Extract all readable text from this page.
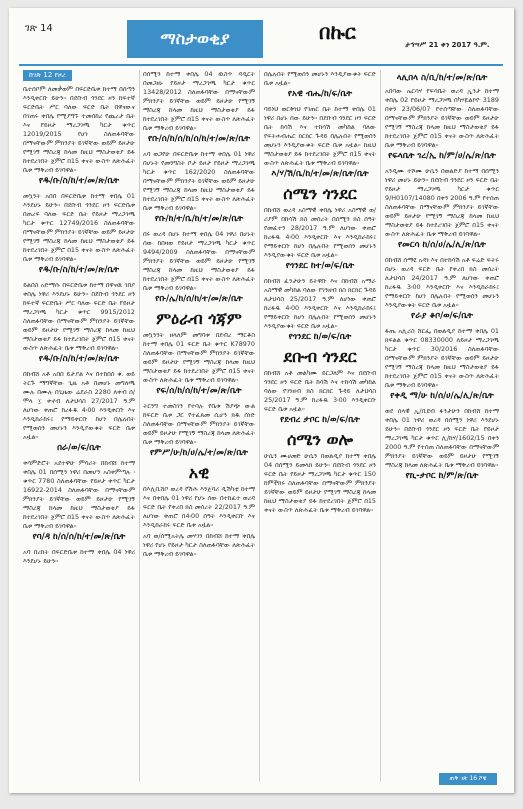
ገጽ 14
ማስታወቂያ	በኩር
ታኅሣሥ 21 ቀን 2017 ዓ.ም.
ከገጽ 12 የዞረ

ቤተሰቦም ለመቃወም በፍርድቤቱ ከተማ በሰጣን እንዲቀርቡ ይሁን፡፡ በደቡብ ጎንደር ዞን ከፍተኛ ፍርድቤት ሥር ባለው ፍርድ ቤት በዋናውና በገጠሩ ቀበሌ የሚያግኙ ተመሰከረ የጨረታ ቤት እና የይዞታ ማረጋገጫ ካርታ ቁጥር 12019/2015 የሆነ ስለጠፋባቸው በማናቸውም ምክንያት ይገኛቸው ወይም ይዞታሁ የሚገኝ ማስረጃ ከላመ ከዚህ ማስታወቂያ ይፋ ከተደረገበት ጀምሮ በ15 ቀናት ውስጥ ለጽሕፈት ቤቱ ማቅረብ ይገባዋል፡፡
የዱ/ቡ/ስ/ከ/ተ/መ/ጽ/ቤት
መኳንት አበበ በፍርድቤቱ ከተማ ቀበሌ 01 እንደሆኑ ይሁን፡፡ በደቡብ ጎንደር ዞን ፍርድቤቱ በጠረፍ ባለው ፍርድ ቤት የይዞታ ማረጋገጫ ካርታ ቁጥር 12749/2016 ስለጠፋባቸው በማናቸውም ምክንያት ይገኛቸው ወይም ይዞታሁ የሚገኝ ማስረጃ ከላመ ከዚህ ማስታወቂያ ይፋ ከተደረገበት ጀምሮ በ15 ቀናት ውስጥ ለጽሕፈት ቤቱ ማቅረብ ይገባዋል፡፡
የዱ/ቡ/ስ/ከ/ተ/መ/ጽ/ቤት
ይልበስ አድማሱ በፍርድቤቱ ከተማ በዋናዉ ገበያ ቀበሌ ነዋሪ እንደሆኑ ይሁን፡፡ በደቡብ ጎንደር ዞን ከፍተኛ ፍርድቤት ሥር ባለው ፍርድ ቤት የይዞታ ማረጋገጫ ካርታ ቁጥር 9915/2012 ስለጠፋባቸው በማናቸውም ምክንያት ይገኛቸው ወይም ይዞታሁ የሚገኝ ማስረጃ ከላመ ከዚህ ማስታወቂያ ይፋ ከተደረገበት ጀምሮ በ15 ቀናት ውስጥ ለጽሕፈት ቤቱ ማቅረብ ይገባዋል፡፡
የዱ/ቡ/ስ/ከ/ተ/መ/ጽ/ቤት
በከብሸ አቶ አበበ ይታያል እና በተከበሰ ቁ. ወይ ትርጉ ማግኛቸው ጊዜ አቶ በመሆኑ መግለጫ ሙሉ በሙሉ በጊዜው ሬደራስ 2280 ለቀብ ሰ/ሞላ ፲ ቀኖብ ለታህሳስ 27/2017 ዓ.ም ለሆነው ቀጠሮ ከረፋዱ 4፡00 እንዲቀርቡ እና እንዲከራከሩ፤ የማይቀርቡ ከሆነ በሌሉበት የሚወሰን መሆኑን እንዲያውቁት ፍርድ ቤቱ አዟል፡፡
በራ/ወ/ፍ/ቤት
ቀሳምድሮት አደተዋሁ ምሳሪት በከብሸ ከተማ ቀበሌ 01 በሰሚን ነዋሪ በመሆን አስቀምጣሉ ፡ ቁጥር 7780 ስለጠፋባቸው የይዞታ ቀጥር ካርታ 16922-2014 ስለጠፋባቸው በማናቸውም ምክንያት ይገኛቸው ወይም ይዞታሁ የሚገኝ ማስረጃ ከላመ ከዚህ ማስታወቂያ ይፋ ከተደረገበት ጀምሮ በ15 ቀናት ውስጥ ለጽሕፈት ቤቱ ማቅረብ ይገባዋል፡፡
የባ/ዳ ከ/ሰ/ሰ/ከ/ተ/መ/ጽ/ቤት
አባ በረከት በፍርድቤቱ ከተማ ቀበሌ 04 ነዋሪ እንደሆኑ ይሁን፡፡
በሰሚን ከተማ ቀበሌ 04 ዉስጥ ዳዲርት በመጋዘኑ የይዞታ ማረጋገጫ ካርታ ቁጥር 13428/2012 ስለጠፋባቸው በማናቸውም ምክንያት ይገኛቸው ወይም ይዞታሁ የሚገኝ ማስረጃ ከላመ ከዚህ ማስታወቂያ ይፋ ከተደረገበት ጀምሮ በ15 ቀናት ውስጥ ለጽሕፈት ቤቱ ማቅረብ ይገባዋል፡፡
የቡ/ሰ/ከ/ሰ/ከ/ሰ/ከ/ተ/መ/ጽ/ቤት
አባ ወጋየሁ በፍርድቤቱ ከተማ ቀበሌ 01 ነዋሪ በሆኑት የመንግስት ቦታ ይዞታ የይዞታ ማረጋገጫ ካርታ ቁጥር 162/2020 ስለጠፋባቸው በማናቸውም ምክንያት ይገኛቸው ወይም ይዞታሁ የሚገኝ ማስረጃ ከላመ ከዚህ ማስታወቂያ ይፋ ከተደረገበት ጀምሮ በ15 ቀናት ውስጥ ለጽሕፈት ቤቱ ማቅረብ ይገባዋል፡፡
የቡ/ከ/ተ/ቤ/ከ/ተ/መ/ጽ/ቤት
በሩ ወረዳ በሆኑ ከተማ ቀበሌ 04 ነዋሪ በሆኑት ሰው ከበዛወ የይዞታ ማረጋገጫ ካርታ ቁጥር 9494/2009 ስለጠፋባቸው በማናቸውም ምክንያት ይገኛቸው ወይም ይዞታሁ የሚገኝ ማስረጃ ከላመ ከዚህ ማስታወቂያ ይፋ ከተደረገበት ጀምሮ በ15 ቀናት ውስጥ ለጽሕፈት ቤቱ ማቅረብ ይገባዋል፡፡
የቡ/ሌ/ከ/ሰ/ከ/ተ/መ/ጽ/ቤት
ምዕራብ ጎጃም
መኳንንት ዘላለም መግባቱ በደብረ ማርቆስ ከተማ ቀበሌ 01 ፍርድ ቤት ቁጥር K78970 ስለጠፋባቸው በማናቸውም ምክንያት ይገኛቸው ወይም ይዞታሁ የሚገኝ ማስረጃ ከላመ ከዚህ ማስታወቂያ ይፋ ከተደረገበት ጀምሮ በ15 ቀናት ውስጥ ለጽሕፈት ቤቱ ማቅረብ ይገባዋል፡፡
የፍ/ሰ/ከ/ሰ/ከ/ተ/መ/ጽ/ቤት
ትርንግ ተመስገን የተባሉ የቤቱ ሽያጭ ውል ከፍርድ ቤቱ ጋር የተፈጸመ ሲሆን ክዱ ሰነድ ስለጠፋባቸው በማናቸውም ምክንያት ይገኛቸው ወይም ይዞታሁ የሚገኝ ማስረጃ ከላመ ለጽሕፈት ቤቱ ማቅረብ ይገባዋል፡፡
የምሥ/ሁ/ከ/ሀ/ሌ/ተ/መ/ጽ/ቤት
አዊ
በእሊቢሸቦ ወረዳ የሽሕ እንጀባሪ ዲሽካቲ ከተማ እና በቀበሌ 01 ነዋሪ የሆኑ ሰው በተከፈተ ወረዳ ፍርድ ቤት የቀረበ ክስ መሰረት 22/2017 ዓ.ም ለሆነው ቀጠሮ በ4፡00 ሰዓት እንዲቀርቡ እና እንዲከራከሩ ፍርድ ቤቱ አዟል፡፡
አባ ወ/ሰሚአትሌ መሃገን በከብሸ ከተማ ቀበሌ ነዋሪ የሆኑ የይዞታ ካርታ ስለጠፋባቸው ለጽሕፈት ቤቱ ማቅረብ ይገባዋል፡፡
በሌሉበት የሚወሰን መሆኑን እንዲያውቁት ፍርድ ቤቱ አዟል፡፡
የአዊ ብሔ/ከ/ፍ/ቤት
ባይነህ ወርቅነህ የገጠር ቤት ከተማ ቀበሌ 01 ነዋሪ በሆኑ ሰው ይሁን፡፡ በደቡብ ጎንደር ዞን ፍርድ ቤት ከሳሽ እና ተከሳሽ መካከል ባለው የፍትሐብሔር ክርክር ጉዳይ በሌሉበት የሚወሰን መሆኑን እንዲያውቁት ፍርድ ቤቱ አዟል፡፡ ከዚህ ማስታወቂያ ይፋ ከተደረገበት ጀምሮ በ15 ቀናት ውስጥ ለጽሕፈት ቤቱ ማቅረብ ይገባዋል፡፡
እ/ሃ/ሽ/ቤ/ከ/ተ/መ/ጽ/ቤት/ቤት
ሰሜን ጎንደር
በከብሸ ወረዳ አስማዊ ቀበሌ ነዋሪ አስማዊ ወ/ሪያም በከሳሽ ክስ መሰረት በሰሚን ክስ ሰዓት የመፈተን 28/2017 ዓ.ም ለሆነው ቀጠሮ ከረፋዱ 4፡00 እንዲቀርቡ እና እንዲከራከሩ፤ የማይቀርቡ ከሆነ በሌሉበት የሚወሰን መሆኑን እንዲያውቁት ፍርድ ቤቱ አዟል፡፡
የጎንደር ከተ/ወ/ፍ/ቤት
በከብሸ ፈንታሁን ይትዋቡ እና በከብሸ አማራ አስማዊ መካከል ባለው የገንዘብ ክስ ክርክር ጉዳይ ለታህሳስ 25/2017 ዓ.ም ለሆነው ቀጠሮ ከረፋዱ 4፡00 እንዲቀርቡ እና እንዲከራከሩ፤ የማይቀርቡ ከሆነ በሌሉበት የሚወሰን መሆኑን እንዲያውቁት ፍርድ ቤቱ አዟል፡፡
የጎንደር ከ/ወ/ፍ/ቤት
ደቡብ ጎንደር
በከብሸ አቶ መልካሙ ይርጋለም እና በደቡብ ጎንደር ዞን ፍርድ ቤት ከሳሽ እና ተከሳሽ መካከል ባለው የገንዘብ ክስ ክርክር ጉዳይ ለታህሳስ 25/2017 ዓ.ም ከረፋዱ 3፡00 እንዲቀርቡ ፍርድ ቤቱ አዟል፡፡
የደብረ ታቦር ከ/ወ/ፍ/ቤት
ሰሜን ወሎ
ሁሴን ሙሀመድ ሁሴን በወልዲያ ከተማ ቀበሌ 04 በሰሚን ይመላክ ይሁን፡፡ በደቡብ ጎንደር ዞን ፍርድ ቤት የይዞታ ማረጋገጫ ካርታ ቁጥር 150 ከምችክሩ ስለጠፋባቸው በማናቸውም ምክንያት ይገኛቸው ወይም ይዞታሁ የሚገኝ ማስረጃ ከላመ ከዚህ ማስታወቂያ ይፋ ከተደረገበት ጀምሮ በ15 ቀናት ውስጥ ለጽሕፈት ቤቱ ማቅረብ ይገባዋል፡፡
ላሊበላ ስ/ቢ/ከ/ተ/መ/ጽ/ቤት
አበባው ኤርሳሃ የፍሳቤት ወረዳ ኢንታ ከተማ ቀበሌ 02 የይዞታ ማረጋገጫ በካሃዬልኮዮ 3189 በቀን 23/06/07 የተሰጣቸው ስለጠፋባቸው በማናቸውም ምክንያት ይገኛቸው ወይም ይዞታሁ የሚገኝ ማስረጃ ከላመ ከዚህ ማስታወቂያ ይፋ ከተደረገበት ጀምሮ በ15 ቀናት ውስጥ ለጽሕፈት ቤቱ ማቅረብ ይገባዋል፡፡
የፍላቤት ገረ/ኢ ከ/ም/ሀ/ሌ/ጽ/ቤት
አንዲሙ ተሾሙ ሁሴን በወልድያ ከተማ በሰሚን ነዋሪ መሆኑ ይሁን፡፡ በደቡብ ጎንደር ዞን ፍርድ ቤት የይዞታ ማረጋገጫ ካርታ ቁጥር 9/H0107/14080 በቀን 2006 ዓ.ም የተሰጠ ስለጠፋባቸው በማናቸውም ምክንያት ይገኛቸው ወይም ይዞታሁ የሚገኝ ማስረጃ ከላመ ከዚህ ማስታወቂያ ይፋ ከተደረገበት ጀምሮ በ15 ቀናት ውስጥ ለጽሕፈት ቤቱ ማቅረብ ይገባዋል፡፡
የመርሳ ከ/ሰ/ሀ/ሌ/ሊ/ጽ/ቤት
በከብሸ ሰማዩ አዳነ እና በተከሳሽ አቶ ፍሬድ ፍትሩ በሆኑ ወረዳ ፍርድ ቤት የቀረበ ክስ መሰረት ለታህሳስ 24/2017 ዓ.ም ለሆነው ቀጠሮ ከረፋዱ 3፡00 እንዲቀርቡ እና እንዲከራከሩ፤ የማይቀርቡ ከሆነ በሌሉበት የሚወሰን መሆኑን እንዲያውቁት ፍርድ ቤቱ አዟል፡፡
የራያ ቆቦ/ወ/ፍ/ቤት
ፋጤ አሊሪስ ሸርፌ በወልዲያ ከተማ ቀበሌ 01 ክፍልል ቁጥር 08330000 ለይዞታ ማረጋገጫ ካርታ ቁጥር 30/2016 ስለጠፋባቸው በማናቸውም ምክንያት ይገኛቸው ወይም ይዞታሁ የሚገኝ ማስረጃ ከላመ ከዚህ ማስታወቂያ ይፋ ከተደረገበት ጀምሮ በ15 ቀናት ውስጥ ለጽሕፈት ቤቱ ማቅረብ ይገባዋል፡፡
የቀዲ ማ/ሁ ከ/ሰ/ሀ/ሌ/ሊ/ጽ/ቤት
ወደ ሰላዊ ኢ/ቢዩብ ፋንታሁን በከብሸ ከተማ ቀበሌ 01 ነዋሪ ወረዳ በሰሚን ነዋሪ እንደሆኑ ይሁን፡፡ በደቡብ ጎንደር ዞን ፍርድ ቤት የይዞታ ማረጋገጫ ካርታ ቁጥር ሊ/ከሃ/1602/15 በቀን 2000 ዓ.ም የተሰጠ ስለጠፋባቸው በማናቸውም ምክንያት ይገኛቸው ወይም ይዞታሁ የሚገኝ ማስረጃ ከላመ ለጽሕፈት ቤቱ ማቅረብ ይገባዋል፡፡
የኪ-ታቦር ከ/ም/ጽ/ቤት
ጠቅ ገጽ 16 ሾዌ
